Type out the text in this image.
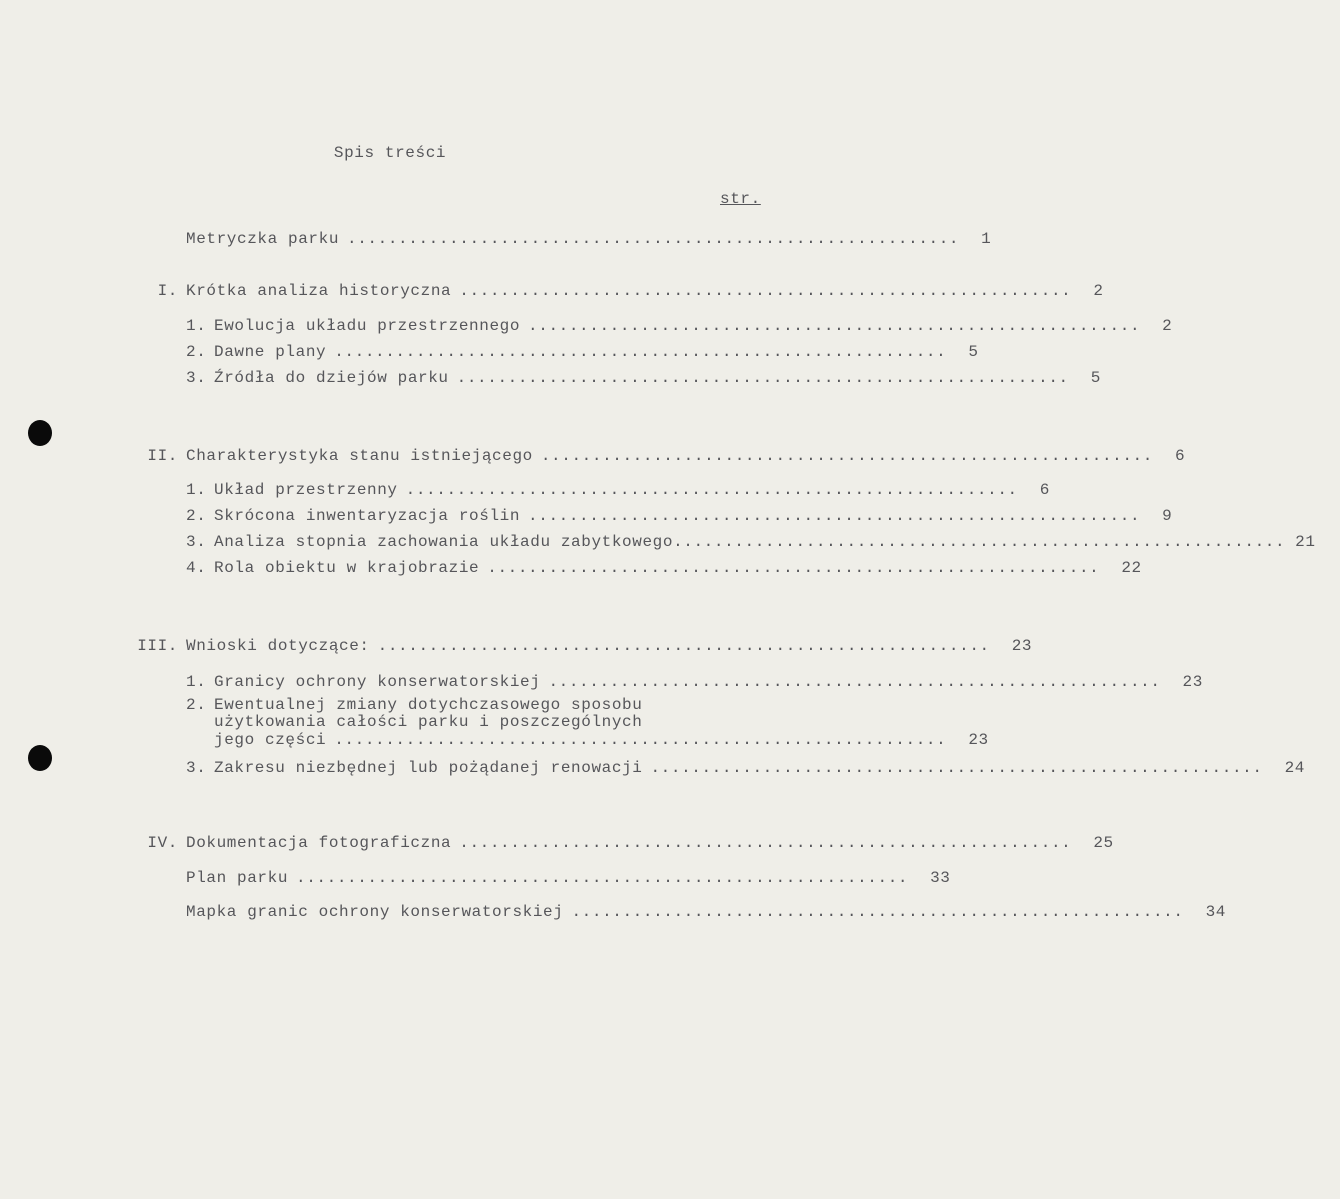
Spis treści
str.
Metryczka parku ............................................................ 1
I. Krótka analiza historyczna ............................................................ 2
1. Ewolucja układu przestrzennego ............................................................ 2
2. Dawne plany ............................................................ 5
3. Źródła do dziejów parku ............................................................ 5
II. Charakterystyka stanu istniejącego ............................................................ 6
1. Układ przestrzenny ............................................................ 6
2. Skrócona inwentaryzacja roślin ............................................................ 9
3. Analiza stopnia zachowania układu zabytkowego ............................................................ 21
4. Rola obiektu w krajobrazie ............................................................ 22
III. Wnioski dotyczące: ............................................................ 23
1. Granicy ochrony konserwatorskiej ............................................................ 23
2. Ewentualnej zmiany dotychczasowego sposobu
użytkowania całości parku i poszczególnych
jego części ............................................................ 23
3. Zakresu niezbędnej lub pożądanej renowacji ............................................................ 24
IV. Dokumentacja fotograficzna ............................................................ 25
Plan parku ............................................................ 33
Mapka granic ochrony konserwatorskiej ............................................................ 34
